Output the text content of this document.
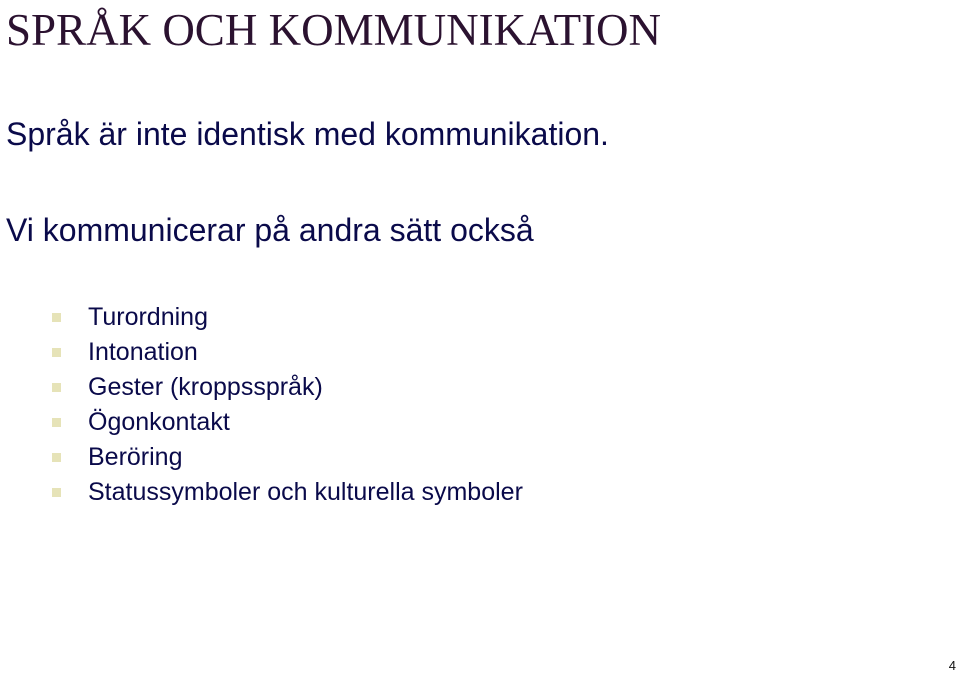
SPRÅK OCH KOMMUNIKATION
Språk är inte identisk med kommunikation.
Vi kommunicerar på andra sätt också
Turordning
Intonation
Gester (kroppsspråk)
Ögonkontakt
Beröring
Statussymboler och kulturella symboler
4
